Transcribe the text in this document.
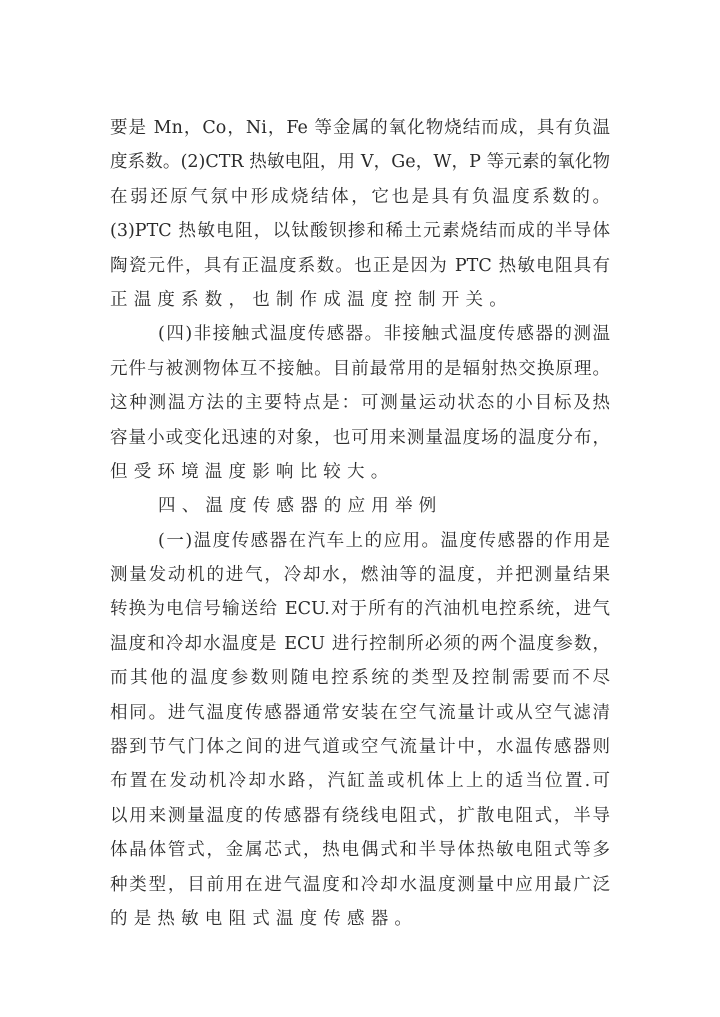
要是 Mn，Co，Ni，Fe 等金属的氧化物烧结而成，具有负温
度系数。(2)CTR 热敏电阻，用 V，Ge，W，P 等元素的氧化物
在弱还原气氛中形成烧结体，它也是具有负温度系数的。
(3)PTC 热敏电阻，以钛酸钡掺和稀土元素烧结而成的半导体
陶瓷元件，具有正温度系数。也正是因为 PTC 热敏电阻具有
正温度系数，也制作成温度控制开关。
(四)非接触式温度传感器。非接触式温度传感器的测温
元件与被测物体互不接触。目前最常用的是辐射热交换原理。
这种测温方法的主要特点是：可测量运动状态的小目标及热
容量小或变化迅速的对象，也可用来测量温度场的温度分布，
但受环境温度影响比较大。
四、温度传感器的应用举例
(一)温度传感器在汽车上的应用。温度传感器的作用是
测量发动机的进气，冷却水，燃油等的温度，并把测量结果
转换为电信号输送给 ECU.对于所有的汽油机电控系统，进气
温度和冷却水温度是 ECU 进行控制所必须的两个温度参数，
而其他的温度参数则随电控系统的类型及控制需要而不尽
相同。进气温度传感器通常安装在空气流量计或从空气滤清
器到节气门体之间的进气道或空气流量计中，水温传感器则
布置在发动机冷却水路，汽缸盖或机体上上的适当位置.可
以用来测量温度的传感器有绕线电阻式，扩散电阻式，半导
体晶体管式，金属芯式，热电偶式和半导体热敏电阻式等多
种类型，目前用在进气温度和冷却水温度测量中应用最广泛
的是热敏电阻式温度传感器。
